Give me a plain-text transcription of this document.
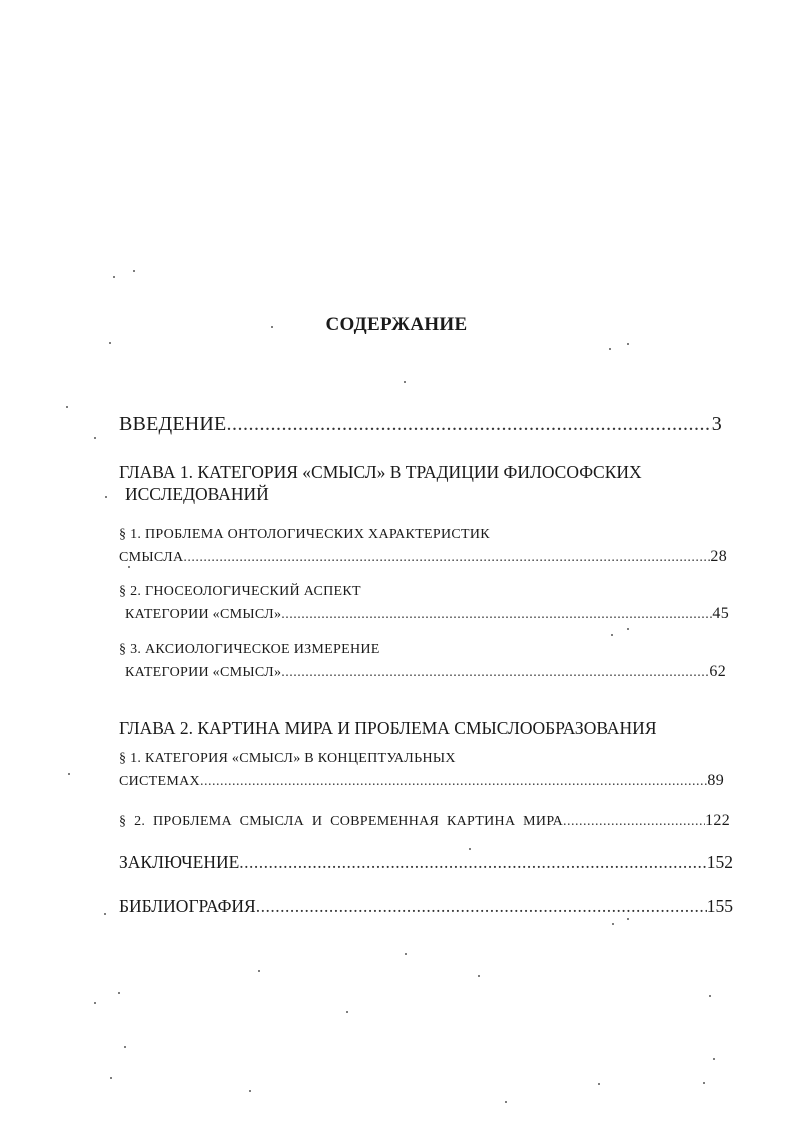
СОДЕРЖАНИЕ
ВВЕДЕНИЕ .....	3
ГЛАВА 1. КАТЕГОРИЯ «СМЫСЛ» В ТРАДИЦИИ ФИЛОСОФСКИХ
ИССЛЕДОВАНИЙ
§ 1. ПРОБЛЕМА ОНТОЛОГИЧЕСКИХ ХАРАКТЕРИСТИК
СМЫСЛА .....	28
§ 2. ГНОСЕОЛОГИЧЕСКИЙ АСПЕКТ
КАТЕГОРИИ «СМЫСЛ» .....	45
§ 3. АКСИОЛОГИЧЕСКОЕ ИЗМЕРЕНИЕ
КАТЕГОРИИ «СМЫСЛ» .....	62
ГЛАВА 2. КАРТИНА МИРА И ПРОБЛЕМА СМЫСЛООБРАЗОВАНИЯ
§ 1. КАТЕГОРИЯ «СМЫСЛ» В КОНЦЕПТУАЛЬНЫХ
СИСТЕМАХ .....	89
§ 2. ПРОБЛЕМА СМЫСЛА И СОВРЕМЕННАЯ КАРТИНА МИРА .....	122
ЗАКЛЮЧЕНИЕ .....	152
БИБЛИОГРАФИЯ .....	155
